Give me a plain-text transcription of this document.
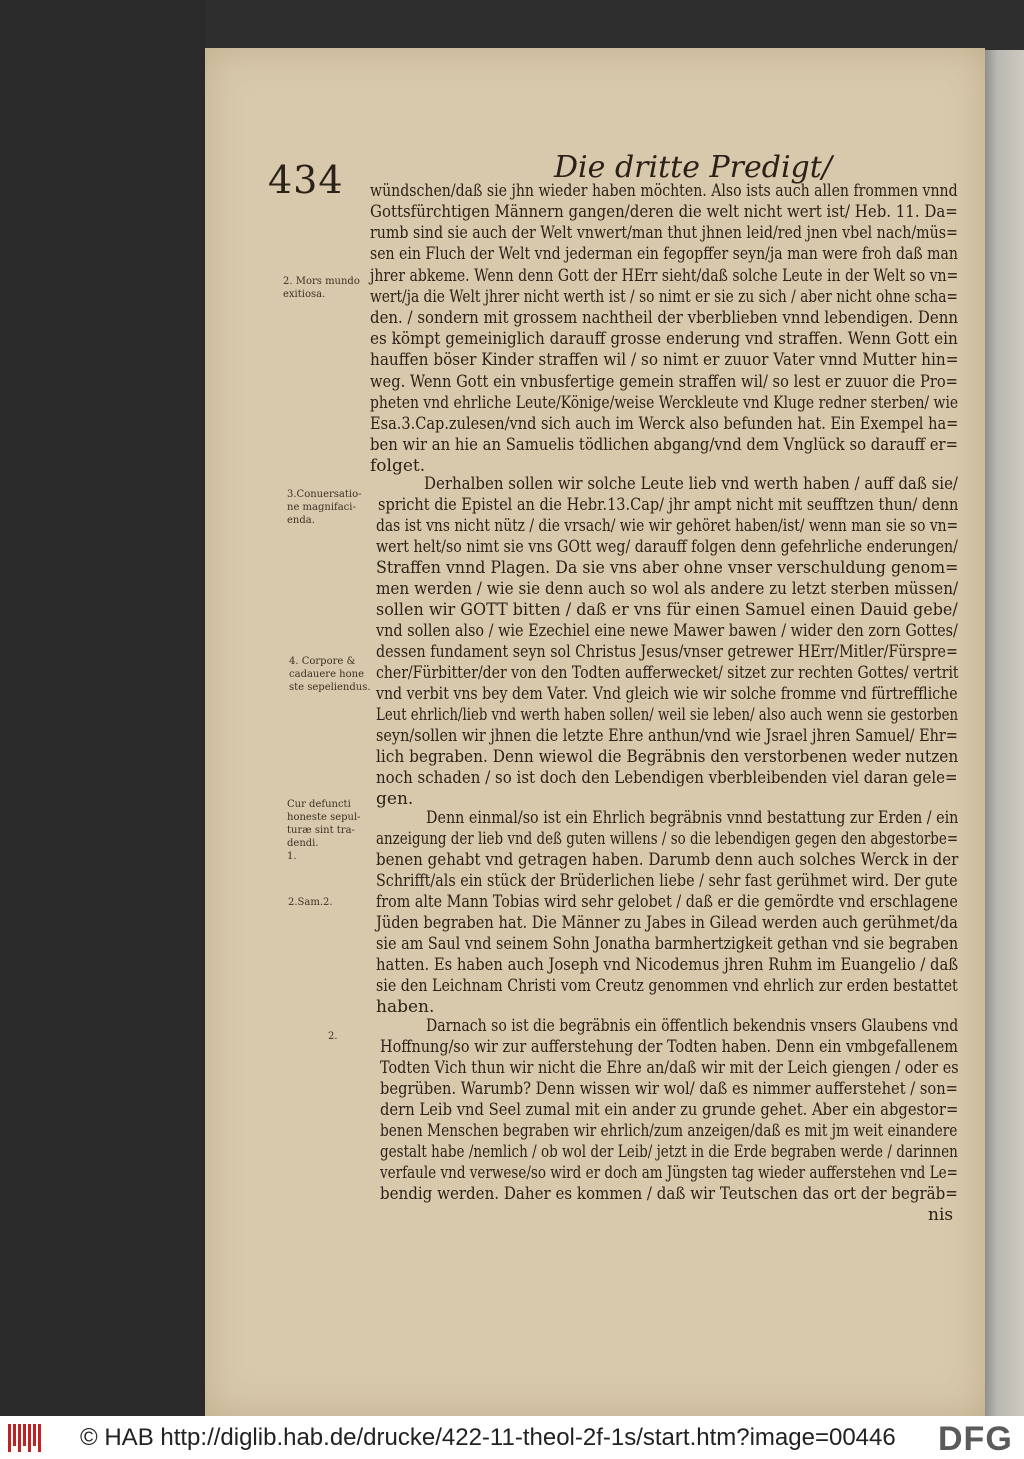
434	Die dritte Predigt/
wündschen/daß sie jhn wieder haben möchten. Also ists auch allen frommen vnnd
Gottsfürchtigen Männern gangen/deren die welt nicht wert ist/ Heb. 11. Da=
rumb sind sie auch der Welt vnwert/man thut jhnen leid/red jnen vbel nach/müs=
sen ein Fluch der Welt vnd jederman ein fegopffer seyn/ja man were froh daß man
jhrer abkeme. Wenn denn Gott der HErr sieht/daß solche Leute in der Welt so vn=
wert/ja die Welt jhrer nicht werth ist / so nimt er sie zu sich / aber nicht ohne scha=
den. / sondern mit grossem nachtheil der vberblieben vnnd lebendigen. Denn
es kömpt gemeiniglich darauff grosse enderung vnd straffen. Wenn Gott ein
hauffen böser Kinder straffen wil / so nimt er zuuor Vater vnnd Mutter hin=
weg. Wenn Gott ein vnbusfertige gemein straffen wil/ so lest er zuuor die Pro=
pheten vnd ehrliche Leute/Könige/weise Werckleute vnd Kluge redner sterben/ wie
Esa.3.Cap.zulesen/vnd sich auch im Werck also befunden hat. Ein Exempel ha=
ben wir an hie an Samuelis tödlichen abgang/vnd dem Vnglück so darauff er=
folget.
Derhalben sollen wir solche Leute lieb vnd werth haben / auff daß sie/
spricht die Epistel an die Hebr.13.Cap/ jhr ampt nicht mit seufftzen thun/ denn
das ist vns nicht nütz / die vrsach/ wie wir gehöret haben/ist/ wenn man sie so vn=
wert helt/so nimt sie vns GOtt weg/ darauff folgen denn gefehrliche enderungen/
Straffen vnnd Plagen. Da sie vns aber ohne vnser verschuldung genom=
men werden / wie sie denn auch so wol als andere zu letzt sterben müssen/
sollen wir GOTT bitten / daß er vns für einen Samuel einen Dauid gebe/
vnd sollen also / wie Ezechiel eine newe Mawer bawen / wider den zorn Gottes/
dessen fundament seyn sol Christus Jesus/vnser getrewer HErr/Mitler/Fürspre=
cher/Fürbitter/der von den Todten aufferwecket/ sitzet zur rechten Gottes/ vertrit
vnd verbit vns bey dem Vater. Vnd gleich wie wir solche fromme vnd fürtreffliche
Leut ehrlich/lieb vnd werth haben sollen/ weil sie leben/ also auch wenn sie gestorben
seyn/sollen wir jhnen die letzte Ehre anthun/vnd wie Jsrael jhren Samuel/ Ehr=
lich begraben. Denn wiewol die Begräbnis den verstorbenen weder nutzen
noch schaden / so ist doch den Lebendigen vberbleibenden viel daran gele=
gen.
Denn einmal/so ist ein Ehrlich begräbnis vnnd bestattung zur Erden / ein
anzeigung der lieb vnd deß guten willens / so die lebendigen gegen den abgestorbe=
benen gehabt vnd getragen haben. Darumb denn auch solches Werck in der
Schrifft/als ein stück der Brüderlichen liebe / sehr fast gerühmet wird. Der gute
from alte Mann Tobias wird sehr gelobet / daß er die gemördte vnd erschlagene
Jüden begraben hat. Die Männer zu Jabes in Gilead werden auch gerühmet/da
sie am Saul vnd seinem Sohn Jonatha barmhertzigkeit gethan vnd sie begraben
hatten. Es haben auch Joseph vnd Nicodemus jhren Ruhm im Euangelio / daß
sie den Leichnam Christi vom Creutz genommen vnd ehrlich zur erden bestattet
haben.
Darnach so ist die begräbnis ein öffentlich bekendnis vnsers Glaubens vnd
Hoffnung/so wir zur aufferstehung der Todten haben. Denn ein vmbgefallenem
Todten Vich thun wir nicht die Ehre an/daß wir mit der Leich giengen / oder es
begrüben. Warumb? Denn wissen wir wol/ daß es nimmer aufferstehet / son=
dern Leib vnd Seel zumal mit ein ander zu grunde gehet. Aber ein abgestor=
benen Menschen begraben wir ehrlich/zum anzeigen/daß es mit jm weit einandere
gestalt habe /nemlich / ob wol der Leib/ jetzt in die Erde begraben werde / darinnen
verfaule vnd verwese/so wird er doch am Jüngsten tag wieder aufferstehen vnd Le=
bendig werden. Daher es kommen / daß wir Teutschen das ort der begräb=
nis
2. Mors mundo
exitiosa.
3.Conuersatio-
ne magnifaci-
enda.
4. Corpore &
cadauere hone
ste sepeliendus.
Cur defuncti
honeste sepul-
turæ sint tra-
dendi.
1.
2.Sam.2.
2.
© HAB http://diglib.hab.de/drucke/422-11-theol-2f-1s/start.htm?image=00446 DFG
